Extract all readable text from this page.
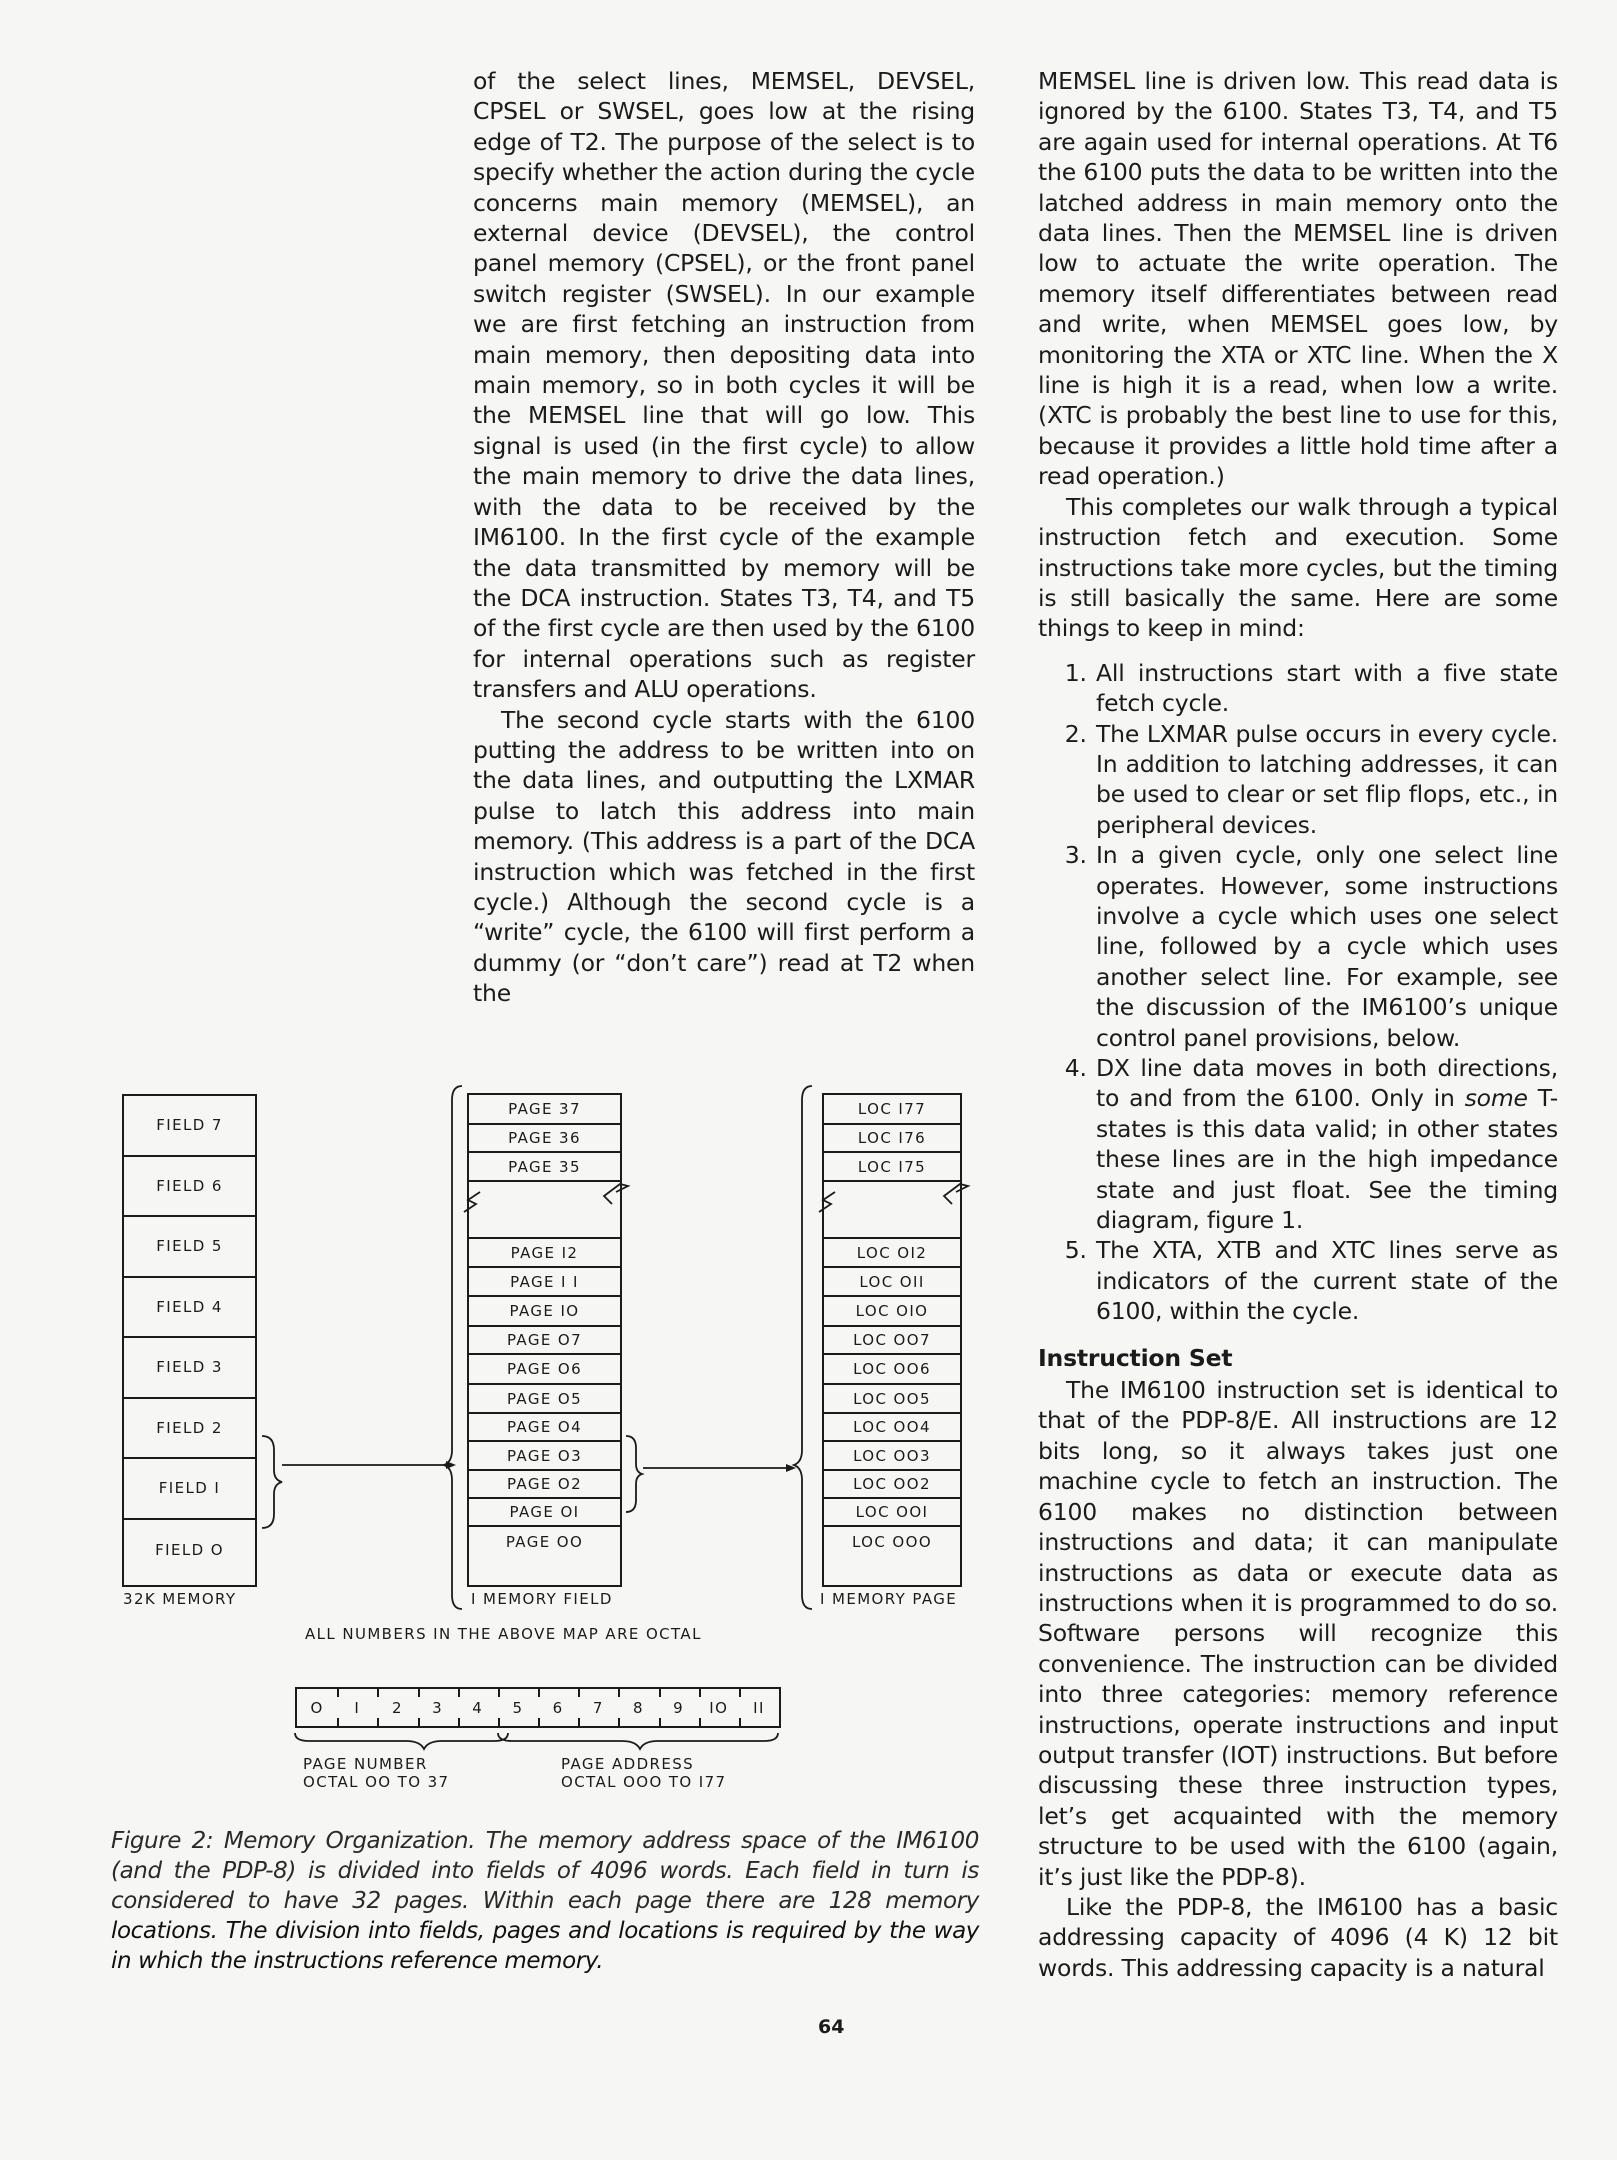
of the select lines, MEMSEL, DEVSEL, CPSEL or SWSEL, goes low at the rising edge of T2. The purpose of the select is to specify whether the action during the cycle concerns main memory (MEMSEL), an external device (DEVSEL), the control panel memory (CPSEL), or the front panel switch register (SWSEL). In our example we are first fetching an instruction from main memory, then depositing data into main memory, so in both cycles it will be the MEMSEL line that will go low. This signal is used (in the first cycle) to allow the main memory to drive the data lines, with the data to be received by the IM6100. In the first cycle of the example the data transmitted by memory will be the DCA instruction. States T3, T4, and T5 of the first cycle are then used by the 6100 for internal operations such as register transfers and ALU operations.

The second cycle starts with the 6100 putting the address to be written into on the data lines, and outputting the LXMAR pulse to latch this address into main memory. (This address is a part of the DCA instruction which was fetched in the first cycle.) Although the second cycle is a “write” cycle, the 6100 will first perform a dummy (or “don’t care”) read at T2 when the

MEMSEL line is driven low. This read data is ignored by the 6100. States T3, T4, and T5 are again used for internal operations. At T6 the 6100 puts the data to be written into the latched address in main memory onto the data lines. Then the MEMSEL line is driven low to actuate the write operation. The memory itself differentiates between read and write, when MEMSEL goes low, by monitoring the XTA or XTC line. When the X line is high it is a read, when low a write. (XTC is probably the best line to use for this, because it provides a little hold time after a read operation.)

This completes our walk through a typical instruction fetch and execution. Some instructions take more cycles, but the timing is still basically the same. Here are some things to keep in mind:

1. All instructions start with a five state fetch cycle.
2. The LXMAR pulse occurs in every cycle. In addition to latching addresses, it can be used to clear or set flip flops, etc., in peripheral devices.
3. In a given cycle, only one select line operates. However, some instructions involve a cycle which uses one select line, followed by a cycle which uses another select line. For example, see the discussion of the IM6100’s unique control panel provisions, below.
4. DX line data moves in both directions, to and from the 6100. Only in some T-states is this data valid; in other states these lines are in the high impedance state and just float. See the timing diagram, figure 1.
5. The XTA, XTB and XTC lines serve as indicators of the current state of the 6100, within the cycle.

Instruction Set

The IM6100 instruction set is identical to that of the PDP-8/E. All instructions are 12 bits long, so it always takes just one machine cycle to fetch an instruction. The 6100 makes no distinction between instructions and data; it can manipulate instructions as data or execute data as instructions when it is programmed to do so. Software persons will recognize this convenience. The instruction can be divided into three categories: memory reference instructions, operate instructions and input output transfer (IOT) instructions. But before discussing these three instruction types, let’s get acquainted with the memory structure to be used with the 6100 (again, it’s just like the PDP-8).

Like the PDP-8, the IM6100 has a basic addressing capacity of 4096 (4 K) 12 bit words. This addressing capacity is a natural

FIELD 7
FIELD 6
FIELD 5
FIELD 4
FIELD 3
FIELD 2
FIELD I
FIELD O
32K MEMORY
PAGE 37
PAGE 36
PAGE 35
PAGE I2
PAGE I I
PAGE IO
PAGE O7
PAGE O6
PAGE O5
PAGE O4
PAGE O3
PAGE O2
PAGE OI
PAGE OO
I MEMORY FIELD
LOC I77
LOC I76
LOC I75
LOC OI2
LOC OII
LOC OIO
LOC OO7
LOC OO6
LOC OO5
LOC OO4
LOC OO3
LOC OO2
LOC OOI
LOC OOO
I MEMORY PAGE
ALL NUMBERS IN THE ABOVE MAP ARE OCTAL
O	I	2	3	4	5	6	7	8	9	IO	II
PAGE NUMBER
OCTAL OO TO 37
PAGE ADDRESS
OCTAL OOO TO I77
Figure 2: Memory Organization. The memory address space of the IM6100 (and the PDP-8) is divided into fields of 4096 words. Each field in turn is considered to have 32 pages. Within each page there are 128 memory locations. The division into fields, pages and locations is required by the way in which the instructions reference memory.
64
